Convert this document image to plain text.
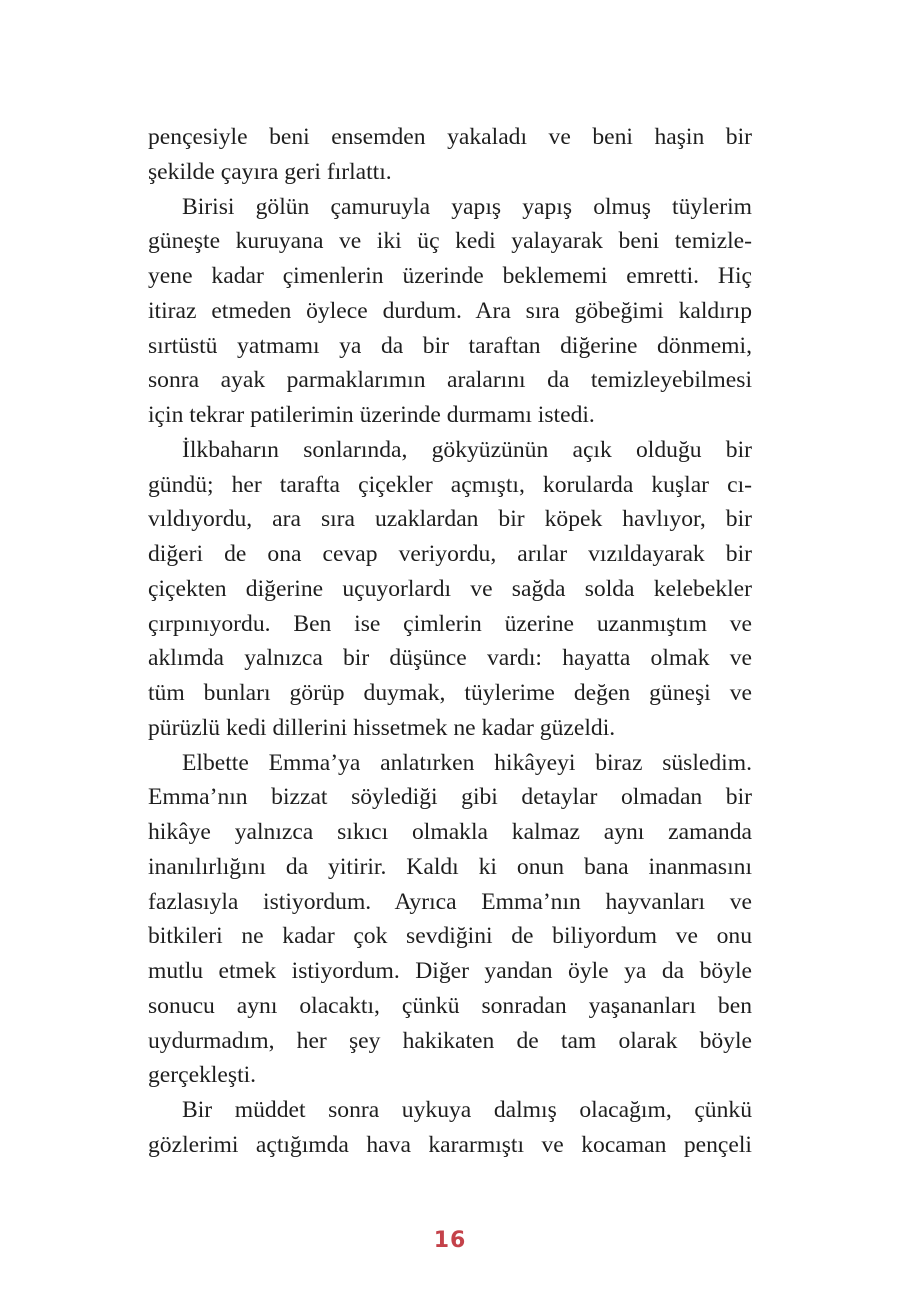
pençesiyle beni ensemden yakaladı ve beni haşin bir
şekilde çayıra geri fırlattı.
Birisi gölün çamuruyla yapış yapış olmuş tüylerim
güneşte kuruyana ve iki üç kedi yalayarak beni temizle-
yene kadar çimenlerin üzerinde beklememi emretti. Hiç
itiraz etmeden öylece durdum. Ara sıra göbeğimi kaldırıp
sırtüstü yatmamı ya da bir taraftan diğerine dönmemi,
sonra ayak parmaklarımın aralarını da temizleyebilmesi
için tekrar patilerimin üzerinde durmamı istedi.
İlkbaharın sonlarında, gökyüzünün açık olduğu bir
gündü; her tarafta çiçekler açmıştı, korularda kuşlar cı-
vıldıyordu, ara sıra uzaklardan bir köpek havlıyor, bir
diğeri de ona cevap veriyordu, arılar vızıldayarak bir
çiçekten diğerine uçuyorlardı ve sağda solda kelebekler
çırpınıyordu. Ben ise çimlerin üzerine uzanmıştım ve
aklımda yalnızca bir düşünce vardı: hayatta olmak ve
tüm bunları görüp duymak, tüylerime değen güneşi ve
pürüzlü kedi dillerini hissetmek ne kadar güzeldi.
Elbette Emma’ya anlatırken hikâyeyi biraz süsledim.
Emma’nın bizzat söylediği gibi detaylar olmadan bir
hikâye yalnızca sıkıcı olmakla kalmaz aynı zamanda
inanılırlığını da yitirir. Kaldı ki onun bana inanmasını
fazlasıyla istiyordum. Ayrıca Emma’nın hayvanları ve
bitkileri ne kadar çok sevdiğini de biliyordum ve onu
mutlu etmek istiyordum. Diğer yandan öyle ya da böyle
sonucu aynı olacaktı, çünkü sonradan yaşananları ben
uydurmadım, her şey hakikaten de tam olarak böyle
gerçekleşti.
Bir müddet sonra uykuya dalmış olacağım, çünkü
gözlerimi açtığımda hava kararmıştı ve kocaman pençeli
16
